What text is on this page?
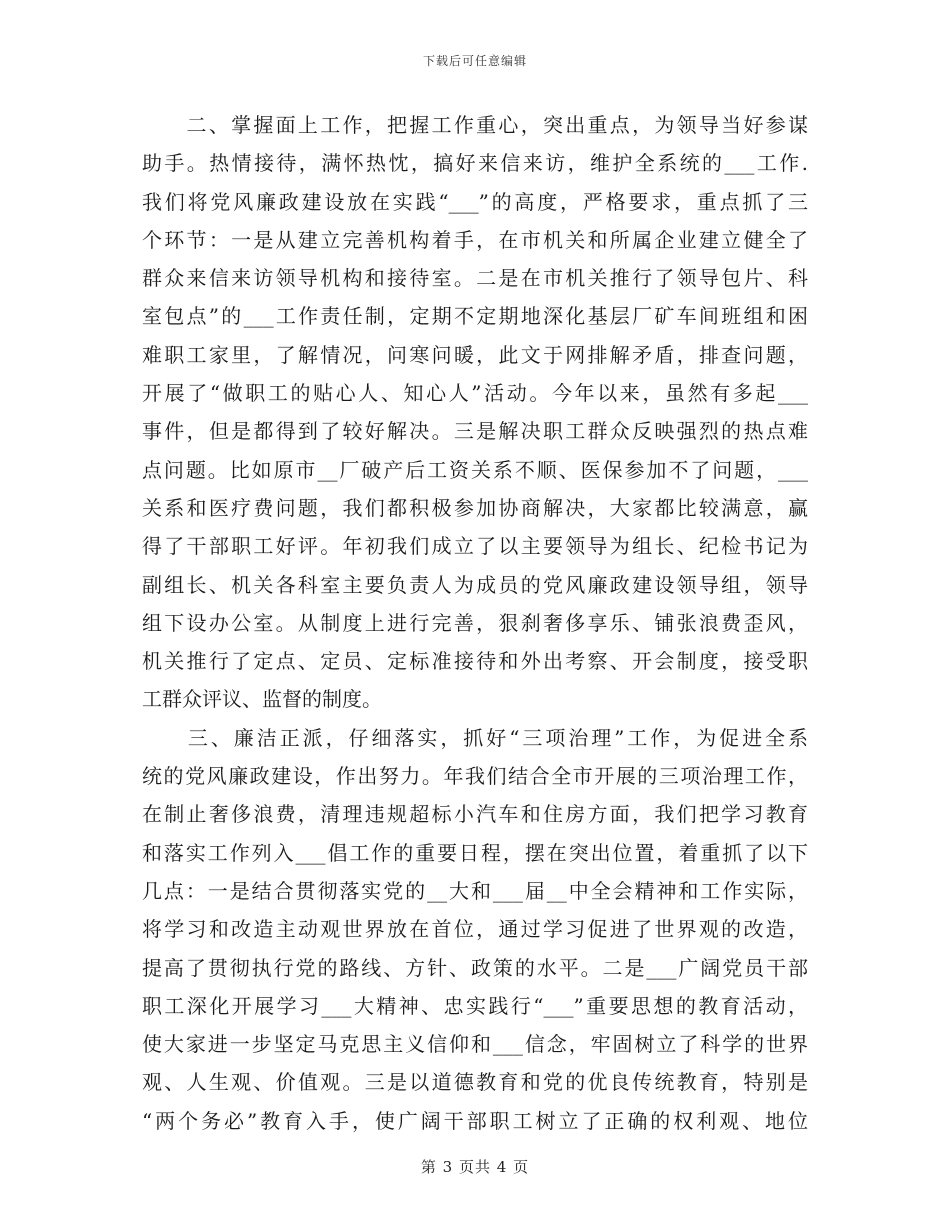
下载后可任意编辑
　　二、掌握面上工作，把握工作重心，突出重点，为领导当好参谋
助手。热情接待，满怀热忱，搞好来信来访，维护全系统的___工作.
我们将党风廉政建设放在实践“___”的高度，严格要求，重点抓了三
个环节：一是从建立完善机构着手，在市机关和所属企业建立健全了
群众来信来访领导机构和接待室。二是在市机关推行了领导包片、科
室包点”的___工作责任制，定期不定期地深化基层厂矿车间班组和困
难职工家里，了解情况，问寒问暖，此文于网排解矛盾，排查问题，
开展了“做职工的贴心人、知心人”活动。今年以来，虽然有多起___
事件，但是都得到了较好解决。三是解决职工群众反映强烈的热点难
点问题。比如原市__厂破产后工资关系不顺、医保参加不了问题，___
关系和医疗费问题，我们都积极参加协商解决，大家都比较满意，赢
得了干部职工好评。年初我们成立了以主要领导为组长、纪检书记为
副组长、机关各科室主要负责人为成员的党风廉政建设领导组，领导
组下设办公室。从制度上进行完善，狠刹奢侈享乐、铺张浪费歪风，
机关推行了定点、定员、定标准接待和外出考察、开会制度，接受职
工群众评议、监督的制度。
　　三、廉洁正派，仔细落实，抓好“三项治理”工作，为促进全系
统的党风廉政建设，作出努力。年我们结合全市开展的三项治理工作，
在制止奢侈浪费，清理违规超标小汽车和住房方面，我们把学习教育
和落实工作列入___倡工作的重要日程，摆在突出位置，着重抓了以下
几点：一是结合贯彻落实党的__大和___届__中全会精神和工作实际，
将学习和改造主动观世界放在首位，通过学习促进了世界观的改造，
提高了贯彻执行党的路线、方针、政策的水平。二是___广阔党员干部
职工深化开展学习___大精神、忠实践行“___”重要思想的教育活动，
使大家进一步坚定马克思主义信仰和___信念，牢固树立了科学的世界
观、人生观、价值观。三是以道德教育和党的优良传统教育，特别是
“两个务必”教育入手，使广阔干部职工树立了正确的权利观、地位
第 3 页共 4 页
